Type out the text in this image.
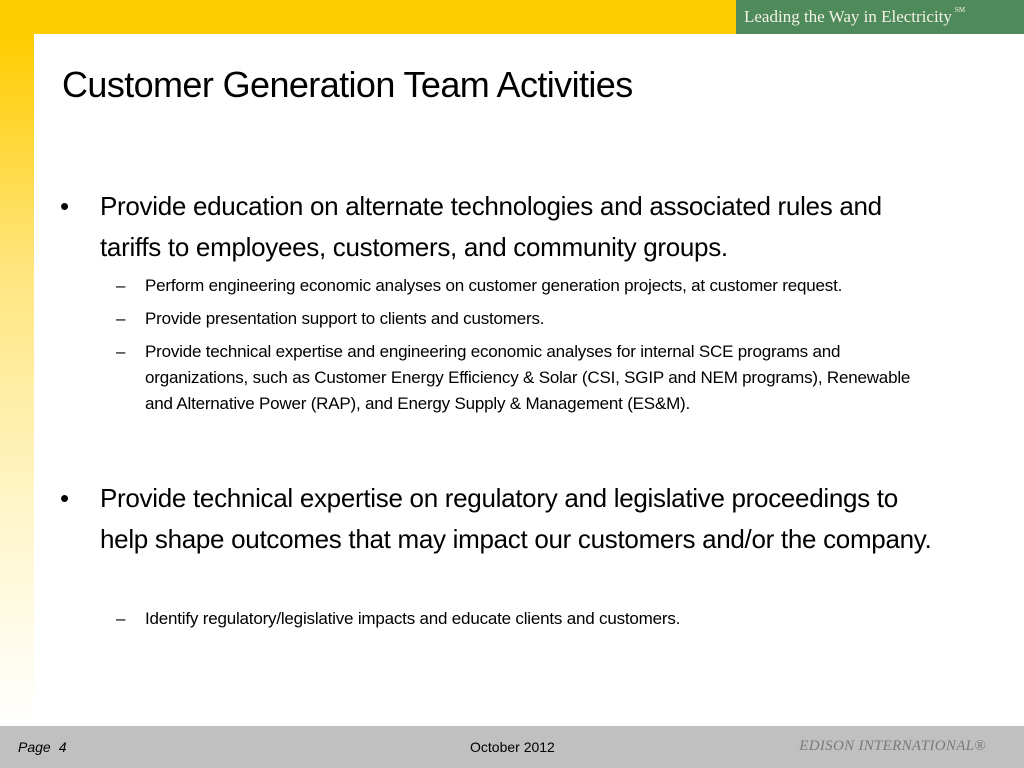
Leading the Way in Electricity SM
Customer Generation Team Activities
• Provide education on alternate technologies and associated rules and tariffs to employees, customers, and community groups.
– Perform engineering economic analyses on customer generation projects, at customer request.
– Provide presentation support to clients and customers.
– Provide technical expertise and engineering economic analyses for internal SCE programs and organizations, such as Customer Energy Efficiency & Solar (CSI, SGIP and NEM programs), Renewable and Alternative Power (RAP), and Energy Supply & Management (ES&M).
• Provide technical expertise on regulatory and legislative proceedings to help shape outcomes that may impact our customers and/or the company.
– Identify regulatory/legislative impacts and educate clients and customers.
Page 4	October 2012	EDISON INTERNATIONAL®
